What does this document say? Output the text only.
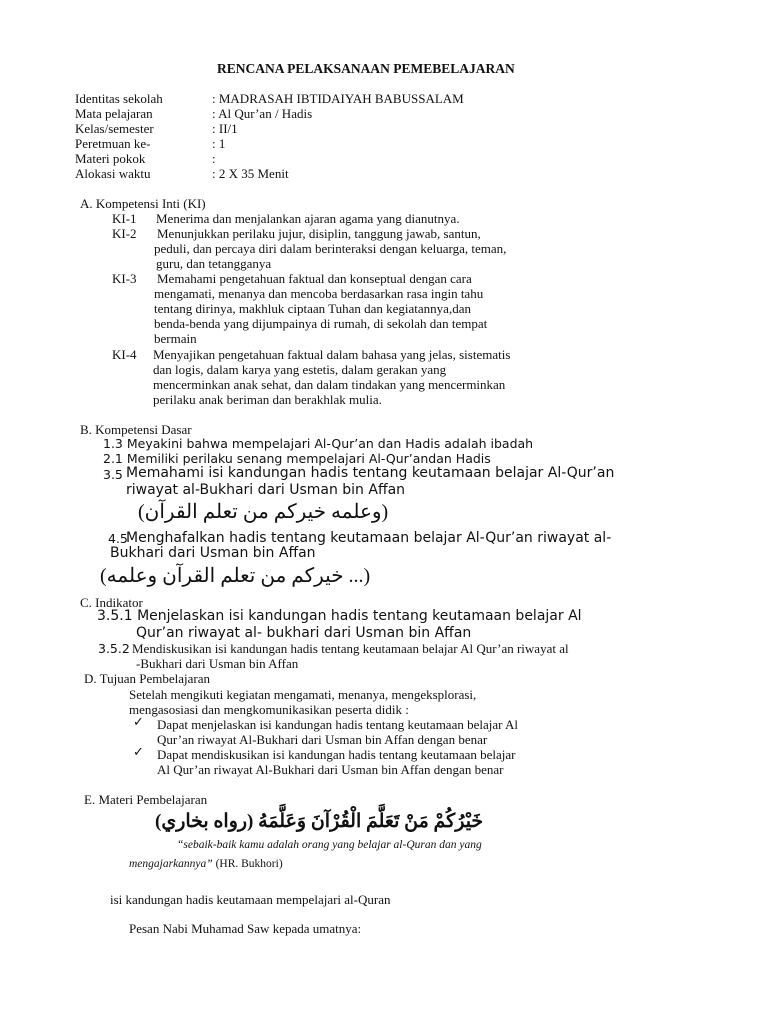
RENCANA PELAKSANAAN PEMEBELAJARAN
Identitas sekolah	: MADRASAH IBTIDAIYAH BABUSSALAM
Mata pelajaran	: Al Qur’an / Hadis
Kelas/semester	: II/1
Peretmuan ke-	: 1
Materi pokok	:
Alokasi waktu	: 2 X 35 Menit
A. Kompetensi Inti (KI)
KI-1 Menerima dan menjalankan ajaran agama yang dianutnya.
KI-2 Menunjukkan perilaku jujur, disiplin, tanggung jawab, santun,
peduli, dan percaya diri dalam berinteraksi dengan keluarga, teman,
guru, dan tetangganya
KI-3 Memahami pengetahuan faktual dan konseptual dengan cara
mengamati, menanya dan mencoba berdasarkan rasa ingin tahu
tentang dirinya, makhluk ciptaan Tuhan dan kegiatannya,dan
benda-benda yang dijumpainya di rumah, di sekolah dan tempat
bermain
KI-4 Menyajikan pengetahuan faktual dalam bahasa yang jelas, sistematis
dan logis, dalam karya yang estetis, dalam gerakan yang
mencerminkan anak sehat, dan dalam tindakan yang mencerminkan
perilaku anak beriman dan berakhlak mulia.
B. Kompetensi Dasar
1.3 Meyakini bahwa mempelajari Al-Qur’an dan Hadis adalah ibadah
2.1 Memiliki perilaku senang mempelajari Al-Qur’andan Hadis
3.5 Memahami isi kandungan hadis tentang keutamaan belajar Al-Qur’an
riwayat al-Bukhari dari Usman bin Affan
(وعلمه خيركم من تعلم القرآن)
4.5
Menghafalkan hadis tentang keutamaan belajar Al-Qur’an riwayat al-
Bukhari dari Usman bin Affan
(... خيركم من تعلم القرآن وعلمه)
C. Indikator
3.5.1 Menjelaskan isi kandungan hadis tentang keutamaan belajar Al
Qur’an riwayat al- bukhari dari Usman bin Affan
3.5.2 Mendiskusikan isi kandungan hadis tentang keutamaan belajar Al Qur’an riwayat al
-Bukhari dari Usman bin Affan
D. Tujuan Pembelajaran
Setelah mengikuti kegiatan mengamati, menanya, mengeksplorasi,
mengasosiasi dan mengkomunikasikan peserta didik :
✓ Dapat menjelaskan isi kandungan hadis tentang keutamaan belajar Al
Qur’an riwayat Al-Bukhari dari Usman bin Affan dengan benar
✓ Dapat mendiskusikan isi kandungan hadis tentang keutamaan belajar
Al Qur’an riwayat Al-Bukhari dari Usman bin Affan dengan benar
E. Materi Pembelajaran
خَيْرُكُمْ مَنْ تَعَلَّمَ الْقُرْآنَ وَعَلَّمَهُ (رواه بخاري)
“sebaik-baik kamu adalah orang yang belajar al-Quran dan yang
mengajarkannya” (HR. Bukhori)
isi kandungan hadis keutamaan mempelajari al-Quran
Pesan Nabi Muhamad Saw kepada umatnya:
